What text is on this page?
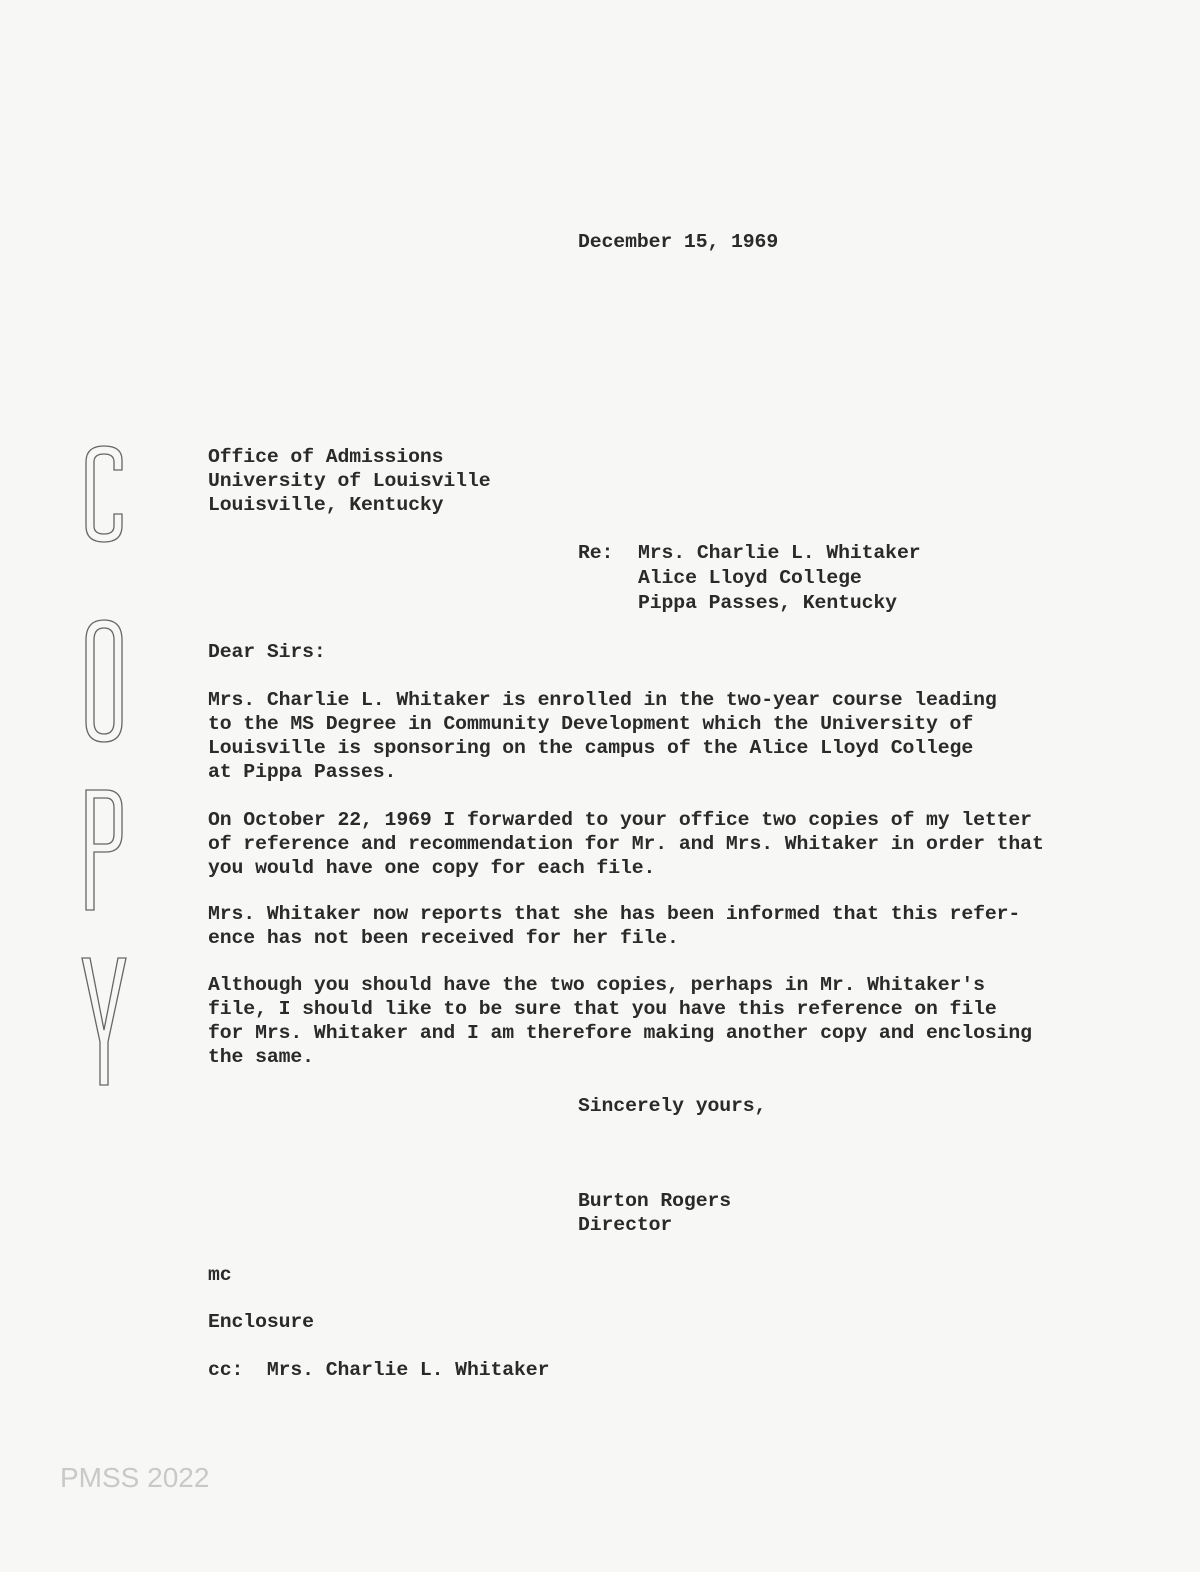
December 15, 1969
Office of Admissions
University of Louisville
Louisville, Kentucky
Re: Mrs. Charlie L. Whitaker
Alice Lloyd College
Pippa Passes, Kentucky
Dear Sirs:
Mrs. Charlie L. Whitaker is enrolled in the two-year course leading
to the MS Degree in Community Development which the University of
Louisville is sponsoring on the campus of the Alice Lloyd College
at Pippa Passes.
On October 22, 1969 I forwarded to your office two copies of my letter
of reference and recommendation for Mr. and Mrs. Whitaker in order that
you would have one copy for each file.
Mrs. Whitaker now reports that she has been informed that this refer-
ence has not been received for her file.
Although you should have the two copies, perhaps in Mr. Whitaker's
file, I should like to be sure that you have this reference on file
for Mrs. Whitaker and I am therefore making another copy and enclosing
the same.
Sincerely yours,
Burton Rogers
Director
mc
Enclosure
cc:  Mrs. Charlie L. Whitaker
PMSS 2022
